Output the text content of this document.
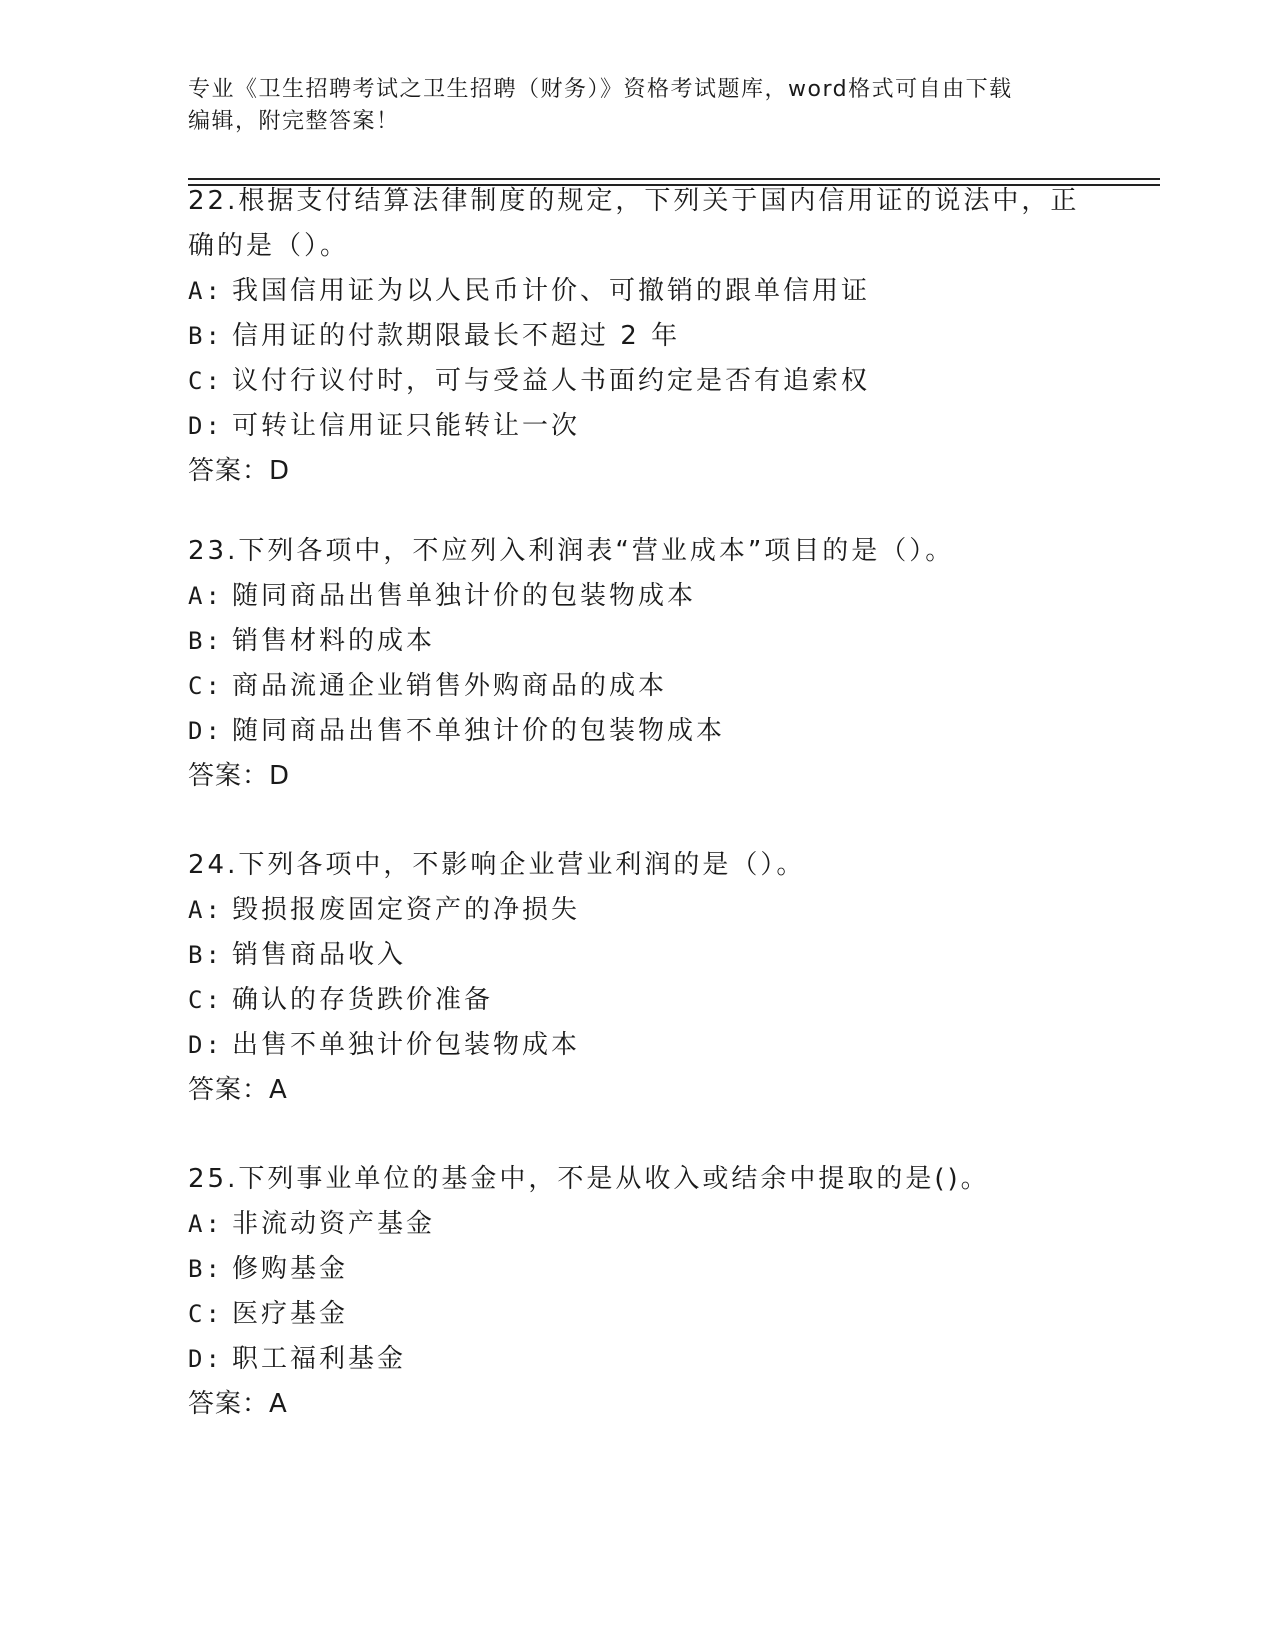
专业《卫生招聘考试之卫生招聘（财务）》资格考试题库，word格式可自由下载
编辑，附完整答案！

22.根据支付结算法律制度的规定，下列关于国内信用证的说法中，正

确的是（）。

A: 我国信用证为以人民币计价、可撤销的跟单信用证
B: 信用证的付款期限最长不超过 2 年
C: 议付行议付时，可与受益人书面约定是否有追索权
D: 可转让信用证只能转让一次

答案：D

23.下列各项中，不应列入利润表“营业成本”项目的是（）。

A: 随同商品出售单独计价的包装物成本
B: 销售材料的成本
C: 商品流通企业销售外购商品的成本
D: 随同商品出售不单独计价的包装物成本

答案：D

24.下列各项中，不影响企业营业利润的是（）。

A: 毁损报废固定资产的净损失
B: 销售商品收入
C: 确认的存货跌价准备
D: 出售不单独计价包装物成本

答案：A

25.下列事业单位的基金中，不是从收入或结余中提取的是()。

A: 非流动资产基金
B: 修购基金
C: 医疗基金
D: 职工福利基金

答案：A
